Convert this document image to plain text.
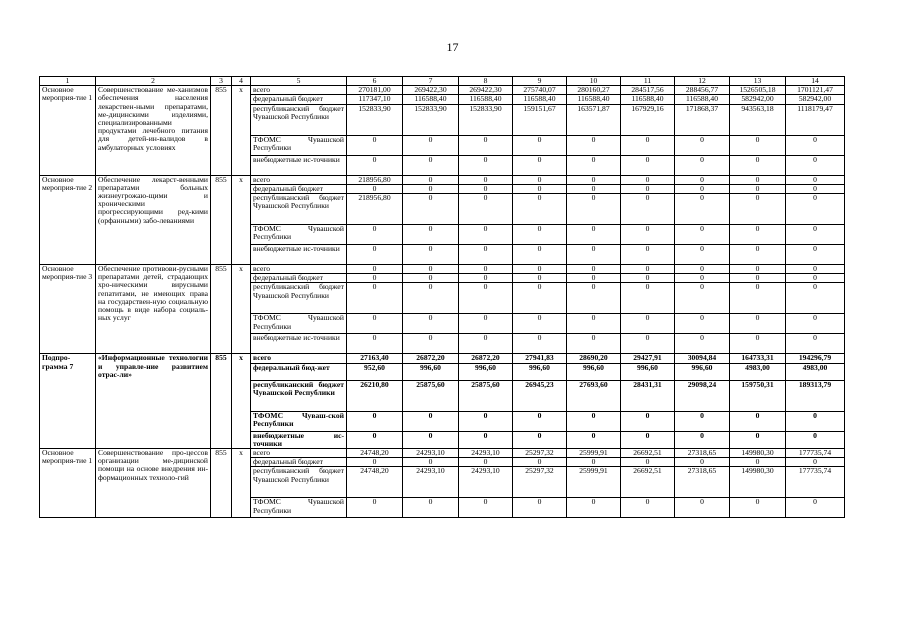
17
1	2	3	4	5	6	7	8	9	10	11	12	13	14
Основное мероприя-тие 1	Совершенствование ме-ханизмов обеспечения населения лекарствен-ными препаратами, ме-дицинскими изделиями, специализированными продуктами лечебного питания для детей-ин-валидов в амбулаторных условиях	855	x	всего	270181,00	269422,30	269422,30	275740,07	280160,27	284517,56	288456,77	1526505,18	1701121,47
				федеральный бюджет	117347,10	116588,40	116588,40	116588,40	116588,40	116588,40	116588,40	582942,00	582942,00
				республиканский бюджет Чувашской Республики	152833,90	152833,90	152833,90	159151,67	163571,87	167929,16	171868,37	943563,18	1118179,47
				ТФОМС Чувашской Республики	0	0	0	0	0	0	0	0	0
				внебюджетные ис-точники	0	0	0	0	0	0	0	0	0
Основное мероприя-тие 2	Обеспечение лекарст-венными препаратами больных жизнеугрожаю-щими и хроническими прогрессирующими ред-кими (орфанными) забо-леваниями	855	x	всего	218956,80	0	0	0	0	0	0	0	0
				федеральный бюджет	0	0	0	0	0	0	0	0	0
				республиканский бюджет Чувашской Республики	218956,80	0	0	0	0	0	0	0	0
				ТФОМС Чувашской Республики	0	0	0	0	0	0	0	0	0
				внебюджетные ис-точники	0	0	0	0	0	0	0	0	0
Основное мероприя-тие 3	Обеспечение противови-русными препаратами детей, страдающих хро-ническими вирусными гепатитами, не имеющих права на государствен-ную социальную помощь в виде набора социаль-ных услуг	855	x	всего	0	0	0	0	0	0	0	0	0
				федеральный бюджет	0	0	0	0	0	0	0	0	0
				республиканский бюджет Чувашской Республики	0	0	0	0	0	0	0	0	0
				ТФОМС Чувашской Республики	0	0	0	0	0	0	0	0	0
				внебюджетные ис-точники	0	0	0	0	0	0	0	0	0
Подпро-грамма 7	«Информационные технологии и управле-ние развитием отрас-ли»	855	x	всего	27163,40	26872,20	26872,20	27941,83	28690,20	29427,91	30094,84	164733,31	194296,79
				федеральный бюд-жет	952,60	996,60	996,60	996,60	996,60	996,60	996,60	4983,00	4983,00
				республиканский бюджет Чувашской Республики	26210,80	25875,60	25875,60	26945,23	27693,60	28431,31	29098,24	159750,31	189313,79
				ТФОМС Чуваш-ской Республики	0	0	0	0	0	0	0	0	0
				внебюджетные ис-точники	0	0	0	0	0	0	0	0	0
Основное мероприя-тие 1	Совершенствование про-цессов организации ме-дицинской помощи на основе внедрения ин-формационных техноло-гий	855	x	всего	24748,20	24293,10	24293,10	25297,32	25999,91	26692,51	27318,65	149980,30	177735,74
				федеральный бюджет	0	0	0	0	0	0	0	0	0
				республиканский бюджет Чувашской Республики	24748,20	24293,10	24293,10	25297,32	25999,91	26692,51	27318,65	149980,30	177735,74
				ТФОМС Чувашской Республики	0	0	0	0	0	0	0	0	0
